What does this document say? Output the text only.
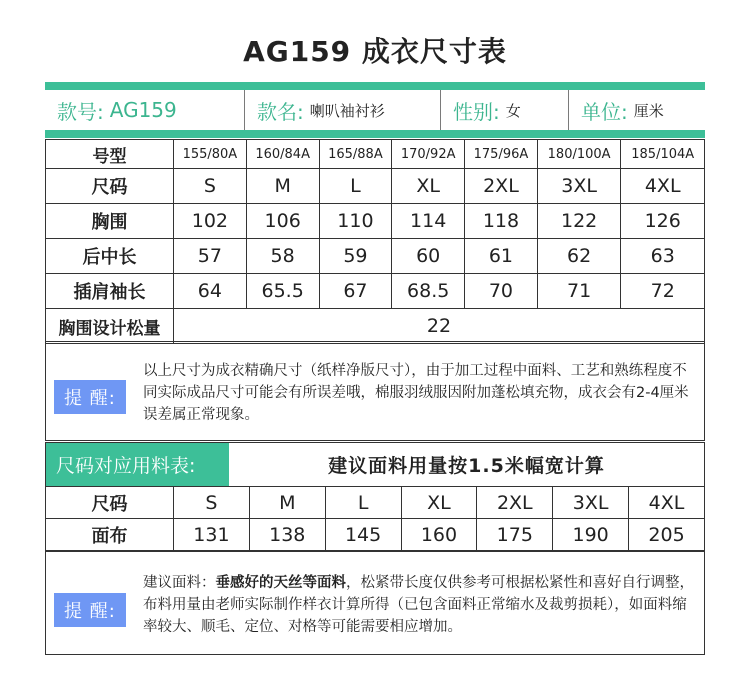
AG159 成衣尺寸表
款号: AG159	款名: 喇叭袖衬衫	性别: 女	单位: 厘米
号型	155/80A	160/84A	165/88A	170/92A	175/96A	180/100A	185/104A
尺码	S	M	L	XL	2XL	3XL	4XL
胸围	102	106	110	114	118	122	126
后中长	57	58	59	60	61	62	63
插肩袖长	64	65.5	67	68.5	70	71	72
胸围设计松量	22						
提 醒:
以上尺寸为成衣精确尺寸（纸样净版尺寸），由于加工过程中面料、工艺和熟练程度不同实际成品尺寸可能会有所误差哦，棉服羽绒服因附加蓬松填充物，成衣会有2-4厘米误差属正常现象。
尺码对应用料表:	建议面料用量按1.5米幅宽计算
尺码	S	M	L	XL	2XL	3XL	4XL
面布	131	138	145	160	175	190	205
提 醒:
建议面料：垂感好的天丝等面料，松紧带长度仅供参考可根据松紧性和喜好自行调整，布料用量由老师实际制作样衣计算所得（已包含面料正常缩水及裁剪损耗），如面料缩率较大、顺毛、定位、对格等可能需要相应增加。
